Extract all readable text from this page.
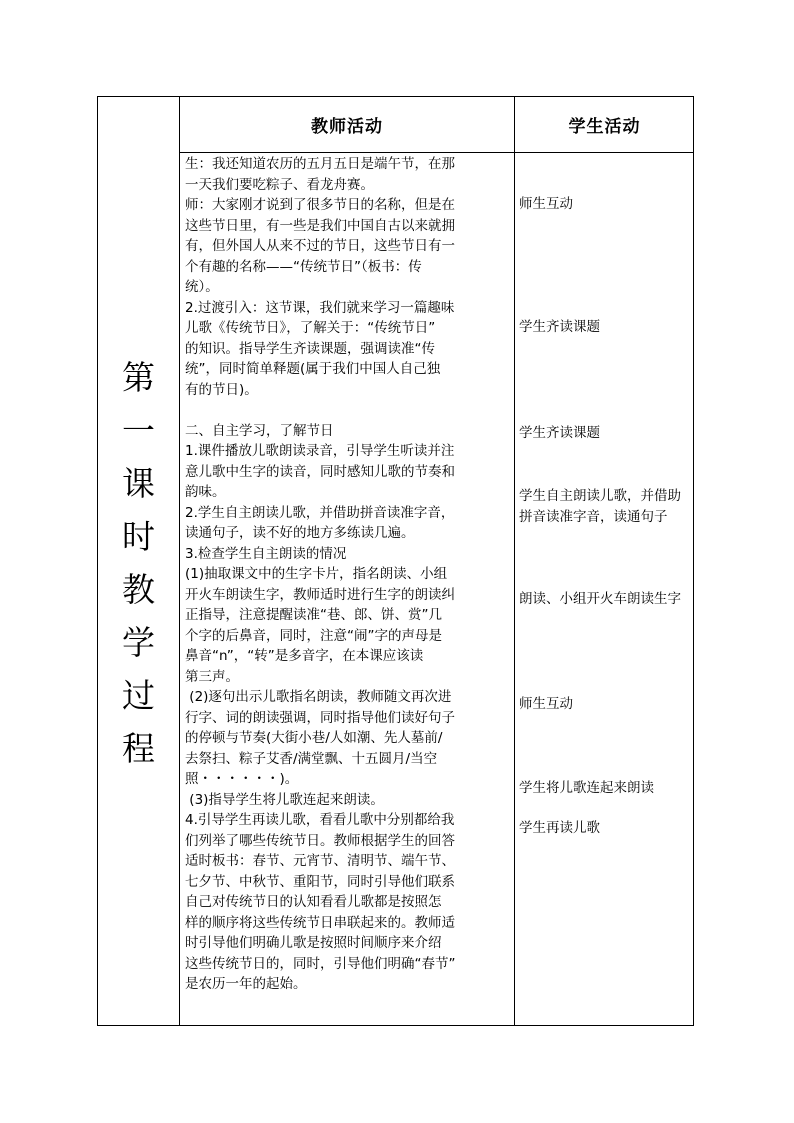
第
一
课
时
教
学
过
程
教师活动	学生活动

生：我还知道农历的五月五日是端午节，在那

一天我们要吃粽子、看龙舟赛。

师：大家刚才说到了很多节日的名称，但是在

这些节日里，有一些是我们中国自古以来就拥

有，但外国人从来不过的节日，这些节日有一

个有趣的名称——“传统节日”（板书：传

统）。

2.过渡引入：这节课，我们就来学习一篇趣味

儿歌《传统节日》，了解关于：“传统节日”

的知识。指导学生齐读课题，强调读准“传

统”，同时简单释题(属于我们中国人自己独

有的节日)。

二、自主学习，了解节日

1.课件播放儿歌朗读录音，引导学生听读并注

意儿歌中生字的读音，同时感知儿歌的节奏和

韵味。

2.学生自主朗读儿歌，并借助拼音读准字音，

读通句子，读不好的地方多练读几遍。

3.检查学生自主朗读的情况

(1)抽取课文中的生字卡片，指名朗读、小组

开火车朗读生字，教师适时进行生字的朗读纠

正指导，注意提醒读准“巷、郎、饼、赏”几

个字的后鼻音，同时，注意“闹”字的声母是

鼻音“n”，“转”是多音字，在本课应该读

第三声。

(2)逐句出示儿歌指名朗读，教师随文再次进

行字、词的朗读强调，同时指导他们读好句子

的停顿与节奏(大街小巷/人如潮、先人墓前/

去祭扫、粽子艾香/满堂飘、十五圆月/当空

照・・・・・・)。

(3)指导学生将儿歌连起来朗读。

4.引导学生再读儿歌，看看儿歌中分别都给我

们列举了哪些传统节日。教师根据学生的回答

适时板书：春节、元宵节、清明节、端午节、

七夕节、中秋节、重阳节，同时引导他们联系

自己对传统节日的认知看看儿歌都是按照怎

样的顺序将这些传统节日串联起来的。教师适

时引导他们明确儿歌是按照时间顺序来介绍

这些传统节日的，同时，引导他们明确“春节”

是农历一年的起始。

师生互动

学生齐读课题

学生齐读课题

学生自主朗读儿歌，并借助拼音读准字音，读通句子

朗读、小组开火车朗读生字

师生互动

学生将儿歌连起来朗读

学生再读儿歌
